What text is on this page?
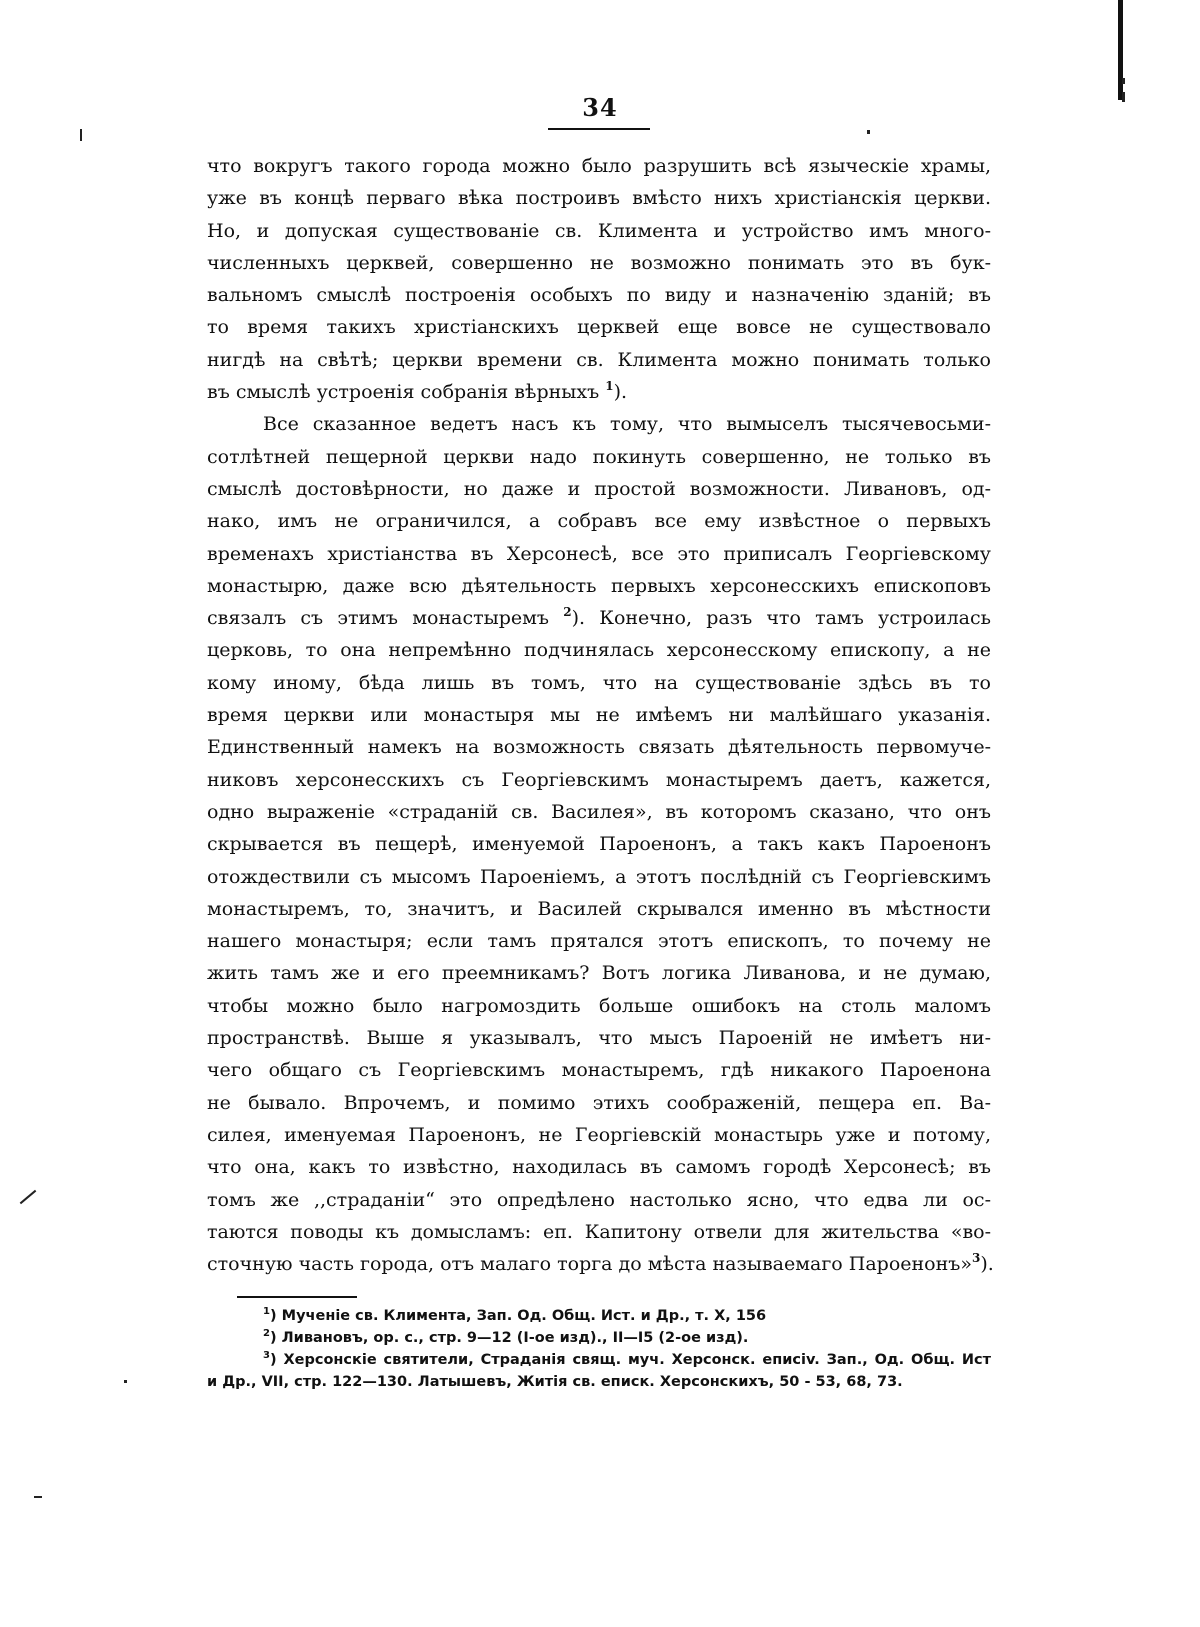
34
что вокругъ такого города можно было разрушить всѣ языческіе храмы,
уже въ концѣ перваго вѣка построивъ вмѣсто нихъ христіанскія церкви.
Но, и допуская существованіе св. Климента и устройство имъ много-
численныхъ церквей, совершенно не возможно понимать это въ бук-
вальномъ смыслѣ построенія особыхъ по виду и назначенію зданій; въ
то время такихъ христіанскихъ церквей еще вовсе не существовало
нигдѣ на свѣтѣ; церкви времени св. Климента можно понимать только
въ смыслѣ устроенія собранія вѣрныхъ $^1$).
Все сказанное ведетъ насъ къ тому, что вымыселъ тысячевосьми-
сотлѣтней пещерной церкви надо покинуть совершенно, не только въ
смыслѣ достовѣрности, но даже и простой возможности. Ливановъ, од-
нако, имъ не ограничился, а собравъ все ему извѣстное о первыхъ
временахъ христіанства въ Херсонесѣ, все это приписалъ Георгіевскому
монастырю, даже всю дѣятельность первыхъ херсонесскихъ епископовъ
связалъ съ этимъ монастыремъ $^2$). Конечно, разъ что тамъ устроилась
церковь, то она непремѣнно подчинялась херсонесскому епископу, а не
кому иному, бѣда лишь въ томъ, что на существованіе здѣсь въ то
время церкви или монастыря мы не имѣемъ ни малѣйшаго указанія.
Единственный намекъ на возможность связать дѣятельность первомуче-
никовъ херсонесскихъ съ Георгіевскимъ монастыремъ даетъ, кажется,
одно выраженіе «страданій св. Василея», въ которомъ сказано, что онъ
скрывается въ пещерѣ, именуемой Пароенонъ, а такъ какъ Пароенонъ
отождествили съ мысомъ Пароеніемъ, а этотъ послѣдній съ Георгіевскимъ
монастыремъ, то, значитъ, и Василей скрывался именно въ мѣстности
нашего монастыря; если тамъ прятался этотъ епископъ, то почему не
жить тамъ же и его преемникамъ? Вотъ логика Ливанова, и не думаю,
чтобы можно было нагромоздить больше ошибокъ на столь маломъ
пространствѣ. Выше я указывалъ, что мысъ Пароеній не имѣетъ ни-
чего общаго съ Георгіевскимъ монастыремъ, гдѣ никакого Пароенона
не бывало. Впрочемъ, и помимо этихъ соображеній, пещера еп. Ва-
силея, именуемая Пароенонъ, не Георгіевскій монастырь уже и потому,
что она, какъ то извѣстно, находилась въ самомъ городѣ Херсонесѣ; въ
томъ же ,,страданіи“ это опредѣлено настолько ясно, что едва ли ос-
таются поводы къ домысламъ: еп. Капитону отвели для жительства «во-
сточную часть города, отъ малаго торга до мѣста называемаго Пароенонъ»$^3$).
$^1$) Мученіе св. Климента, Зап. Од. Общ. Ист. и Др., т. X, 156
$^2$) Ливановъ, ор. с., стр. 9—12 (I-ое изд)., II—I5 (2-ое изд).
$^3$) Херсонскіе святители, Страданія свящ. муч. Херсонск. епиciv. Зап., Од. Общ. Ист
и Др., VII, стр. 122—130. Латышевъ, Житія св. еписк. Херсонскихъ, 50 - 53, 68, 73.
